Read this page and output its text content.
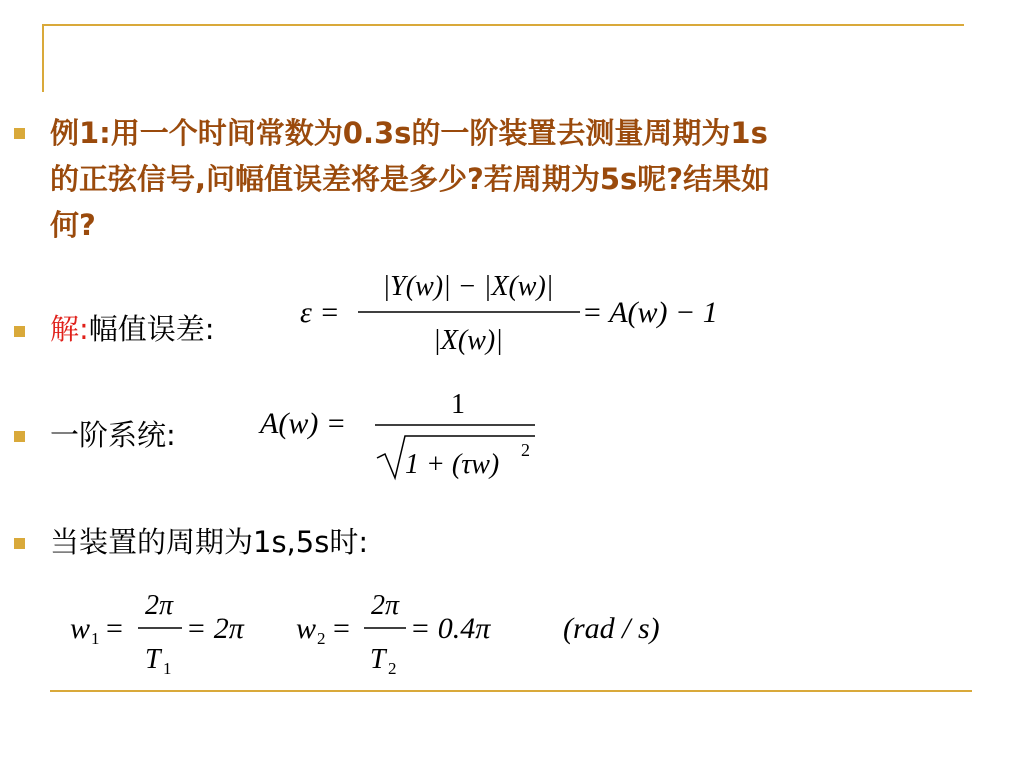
例1:用一个时间常数为0.3s的一阶装置去测量周期为1s
的正弦信号,问幅值误差将是多少?若周期为5s呢?结果如
何?
解:幅值误差:	ε =
|Y(w)| − |X(w)|
|X(w)|
= A(w) − 1
一阶系统:	A(w) =
1
1 + (τw) 2
当装置的周期为1s,5s时:
w 1 =
2π
T 1
= 2π w 2 =
2π
T 2
= 0.4π (rad / s)
